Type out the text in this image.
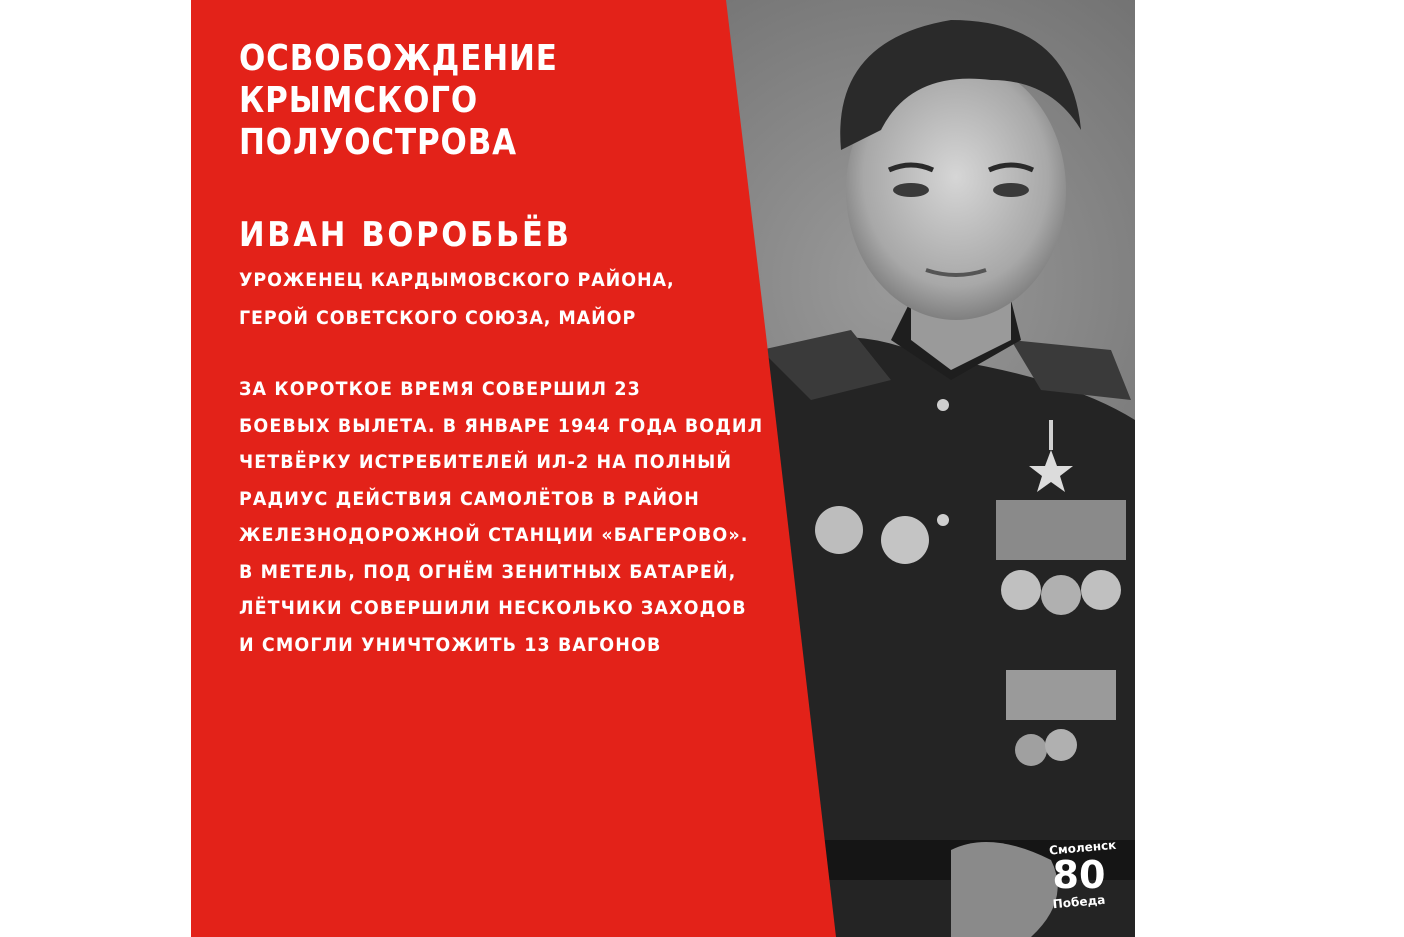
ОСВОБОЖДЕНИЕ
КРЫМСКОГО
ПОЛУОСТРОВА
ИВАН ВОРОБЬЁВ
УРОЖЕНЕЦ КАРДЫМОВСКОГО РАЙОНА,
ГЕРОЙ СОВЕТСКОГО СОЮЗА, МАЙОР
ЗА КОРОТКОЕ ВРЕМЯ СОВЕРШИЛ 23
БОЕВЫХ ВЫЛЕТА. В ЯНВАРЕ 1944 ГОДА ВОДИЛ
ЧЕТВЁРКУ ИСТРЕБИТЕЛЕЙ ИЛ-2 НА ПОЛНЫЙ
РАДИУС ДЕЙСТВИЯ САМОЛЁТОВ В РАЙОН
ЖЕЛЕЗНОДОРОЖНОЙ СТАНЦИИ «БАГЕРОВО».
В МЕТЕЛЬ, ПОД ОГНЁМ ЗЕНИТНЫХ БАТАРЕЙ,
ЛЁТЧИКИ СОВЕРШИЛИ НЕСКОЛЬКО ЗАХОДОВ
И СМОГЛИ УНИЧТОЖИТЬ 13 ВАГОНОВ
Смоленск
80
Победа
